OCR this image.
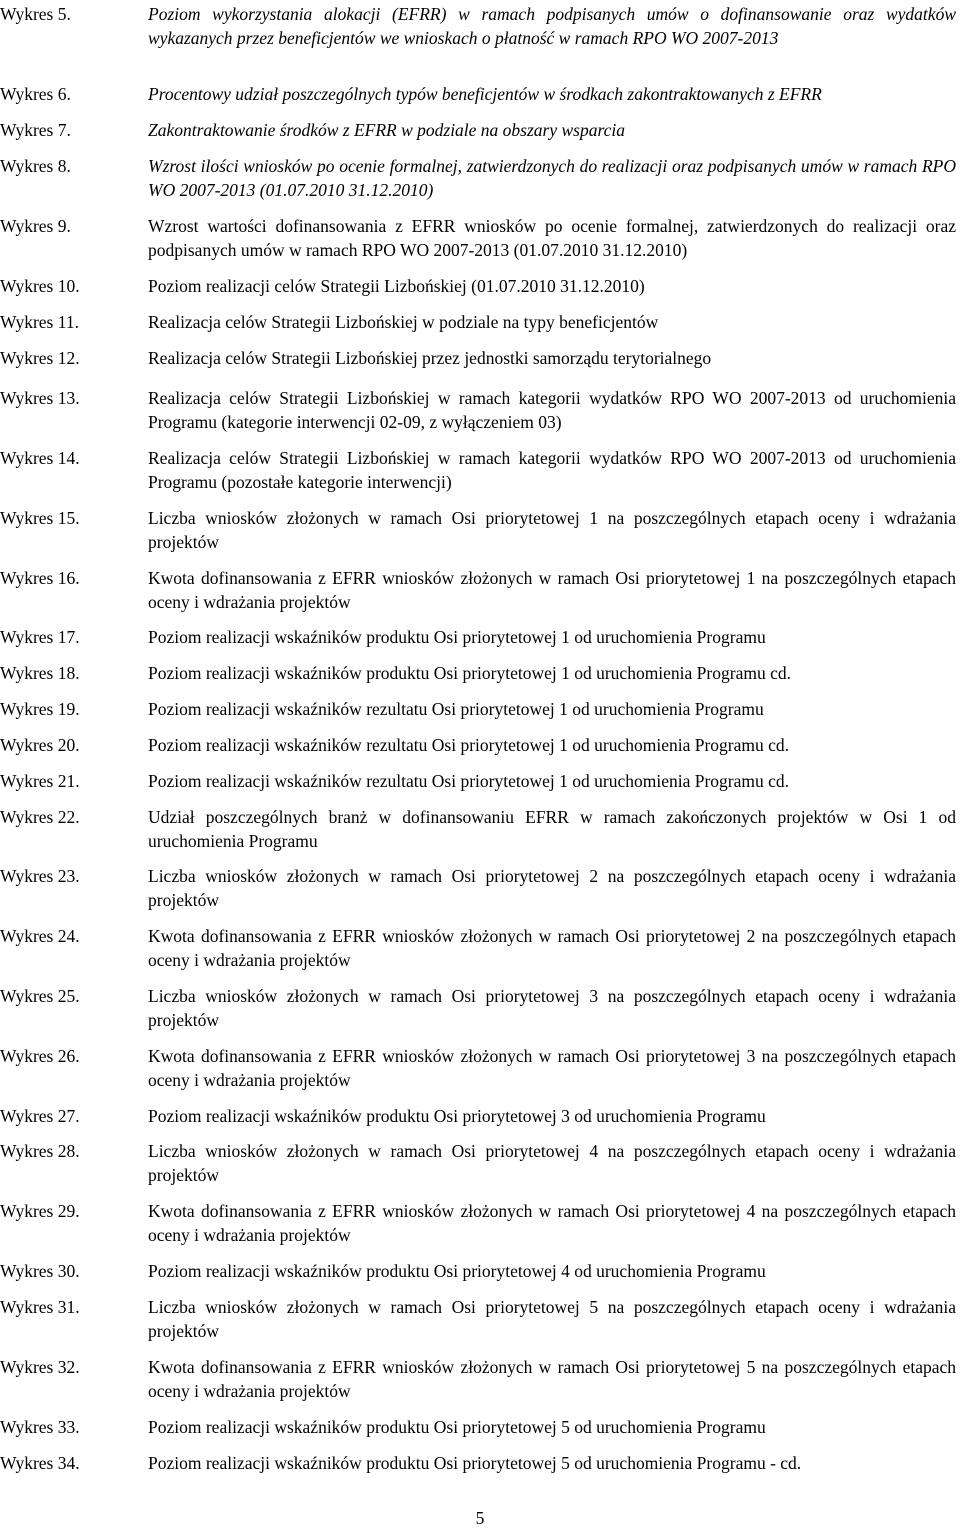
Wykres 5.	Poziom wykorzystania alokacji (EFRR) w ramach podpisanych umów o dofinansowanie oraz wydatków wykazanych przez beneficjentów we wnioskach o płatność w ramach RPO WO 2007-2013
Wykres 6.	Procentowy udział poszczególnych typów beneficjentów w środkach zakontraktowanych z EFRR
Wykres 7.	Zakontraktowanie środków z EFRR w podziale na obszary wsparcia
Wykres 8.	Wzrost ilości wniosków po ocenie formalnej, zatwierdzonych do realizacji oraz podpisanych umów w ramach RPO WO 2007-2013 (01.07.2010 31.12.2010)
Wykres 9.	Wzrost wartości dofinansowania z EFRR wniosków po ocenie formalnej, zatwierdzonych do realizacji oraz podpisanych umów w ramach RPO WO 2007-2013 (01.07.2010 31.12.2010)
Wykres 10.	Poziom realizacji celów Strategii Lizbońskiej (01.07.2010 31.12.2010)
Wykres 11.	Realizacja celów Strategii Lizbońskiej w podziale na typy beneficjentów
Wykres 12.	Realizacja celów Strategii Lizbońskiej przez jednostki samorządu terytorialnego
Wykres 13.	Realizacja celów Strategii Lizbońskiej w ramach kategorii wydatków RPO WO 2007-2013 od uruchomienia Programu (kategorie interwencji 02-09, z wyłączeniem 03)
Wykres 14.	Realizacja celów Strategii Lizbońskiej w ramach kategorii wydatków RPO WO 2007-2013 od uruchomienia Programu (pozostałe kategorie interwencji)
Wykres 15.	Liczba wniosków złożonych w ramach Osi priorytetowej 1 na poszczególnych etapach oceny i wdrażania projektów
Wykres 16.	Kwota dofinansowania z EFRR wniosków złożonych w ramach Osi priorytetowej 1 na poszczególnych etapach oceny i wdrażania projektów
Wykres 17.	Poziom realizacji wskaźników produktu Osi priorytetowej 1 od uruchomienia Programu
Wykres 18.	Poziom realizacji wskaźników produktu Osi priorytetowej 1 od uruchomienia Programu cd.
Wykres 19.	Poziom realizacji wskaźników rezultatu Osi priorytetowej 1 od uruchomienia Programu
Wykres 20.	Poziom realizacji wskaźników rezultatu Osi priorytetowej 1 od uruchomienia Programu cd.
Wykres 21.	Poziom realizacji wskaźników rezultatu Osi priorytetowej 1 od uruchomienia Programu cd.
Wykres 22.	Udział poszczególnych branż w dofinansowaniu EFRR w ramach zakończonych projektów w Osi 1 od uruchomienia Programu
Wykres 23.	Liczba wniosków złożonych w ramach Osi priorytetowej 2 na poszczególnych etapach oceny i wdrażania projektów
Wykres 24.	Kwota dofinansowania z EFRR wniosków złożonych w ramach Osi priorytetowej 2 na poszczególnych etapach oceny i wdrażania projektów
Wykres 25.	Liczba wniosków złożonych w ramach Osi priorytetowej 3 na poszczególnych etapach oceny i wdrażania projektów
Wykres 26.	Kwota dofinansowania z EFRR wniosków złożonych w ramach Osi priorytetowej 3 na poszczególnych etapach oceny i wdrażania projektów
Wykres 27.	Poziom realizacji wskaźników produktu Osi priorytetowej 3 od uruchomienia Programu
Wykres 28.	Liczba wniosków złożonych w ramach Osi priorytetowej 4 na poszczególnych etapach oceny i wdrażania projektów
Wykres 29.	Kwota dofinansowania z EFRR wniosków złożonych w ramach Osi priorytetowej 4 na poszczególnych etapach oceny i wdrażania projektów
Wykres 30.	Poziom realizacji wskaźników produktu Osi priorytetowej 4 od uruchomienia Programu
Wykres 31.	Liczba wniosków złożonych w ramach Osi priorytetowej 5 na poszczególnych etapach oceny i wdrażania projektów
Wykres 32.	Kwota dofinansowania z EFRR wniosków złożonych w ramach Osi priorytetowej 5 na poszczególnych etapach oceny i wdrażania projektów
Wykres 33.	Poziom realizacji wskaźników produktu Osi priorytetowej 5 od uruchomienia Programu
Wykres 34.	Poziom realizacji wskaźników produktu Osi priorytetowej 5 od uruchomienia Programu - cd.
5
